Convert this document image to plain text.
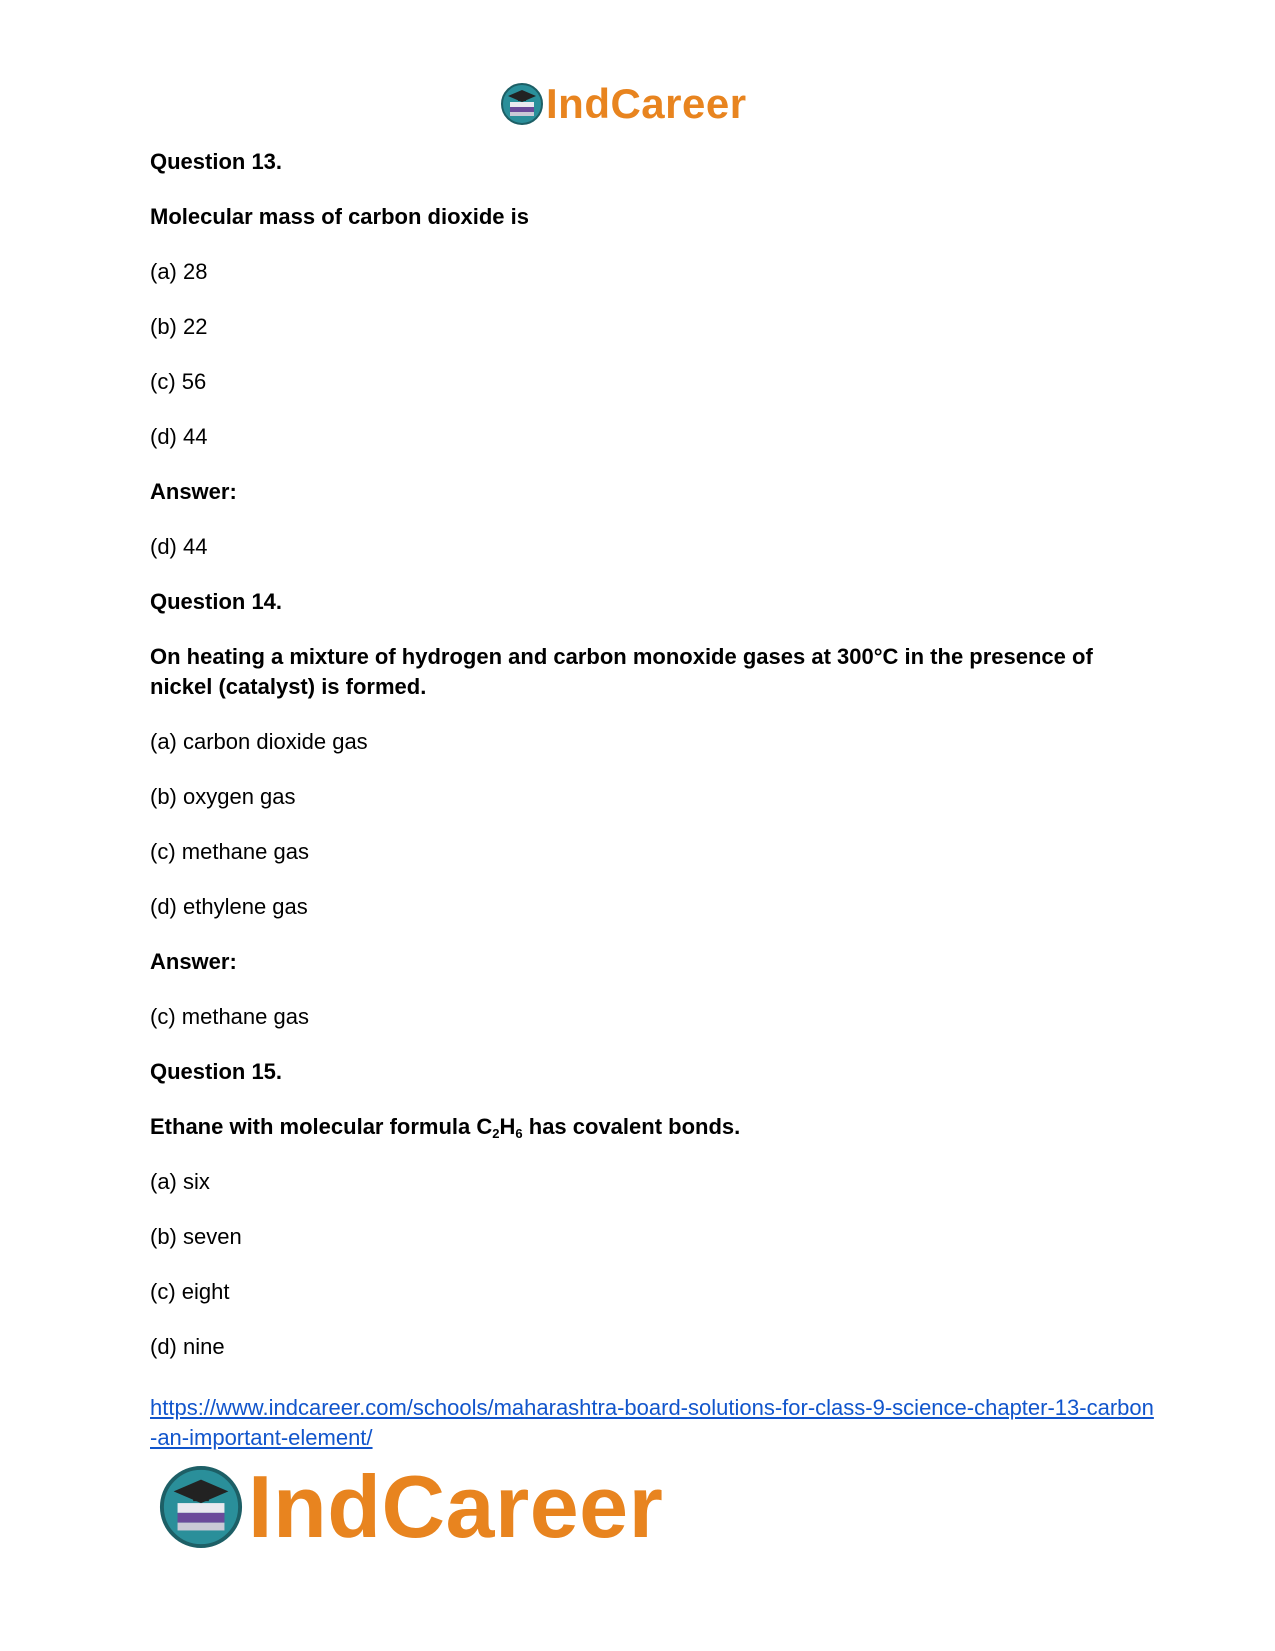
IndCareer
Question 13.
Molecular mass of carbon dioxide is
(a) 28
(b) 22
(c) 56
(d) 44
Answer:
(d) 44
Question 14.
On heating a mixture of hydrogen and carbon monoxide gases at 300°C in the presence of nickel (catalyst) is formed.
(a) carbon dioxide gas
(b) oxygen gas
(c) methane gas
(d) ethylene gas
Answer:
(c) methane gas
Question 15.
Ethane with molecular formula $C_2H_6$ has covalent bonds.
(a) six
(b) seven
(c) eight
(d) nine
https://www.indcareer.com/schools/maharashtra-board-solutions-for-class-9-science-chapter-13-carbon-an-important-element/
IndCareer
